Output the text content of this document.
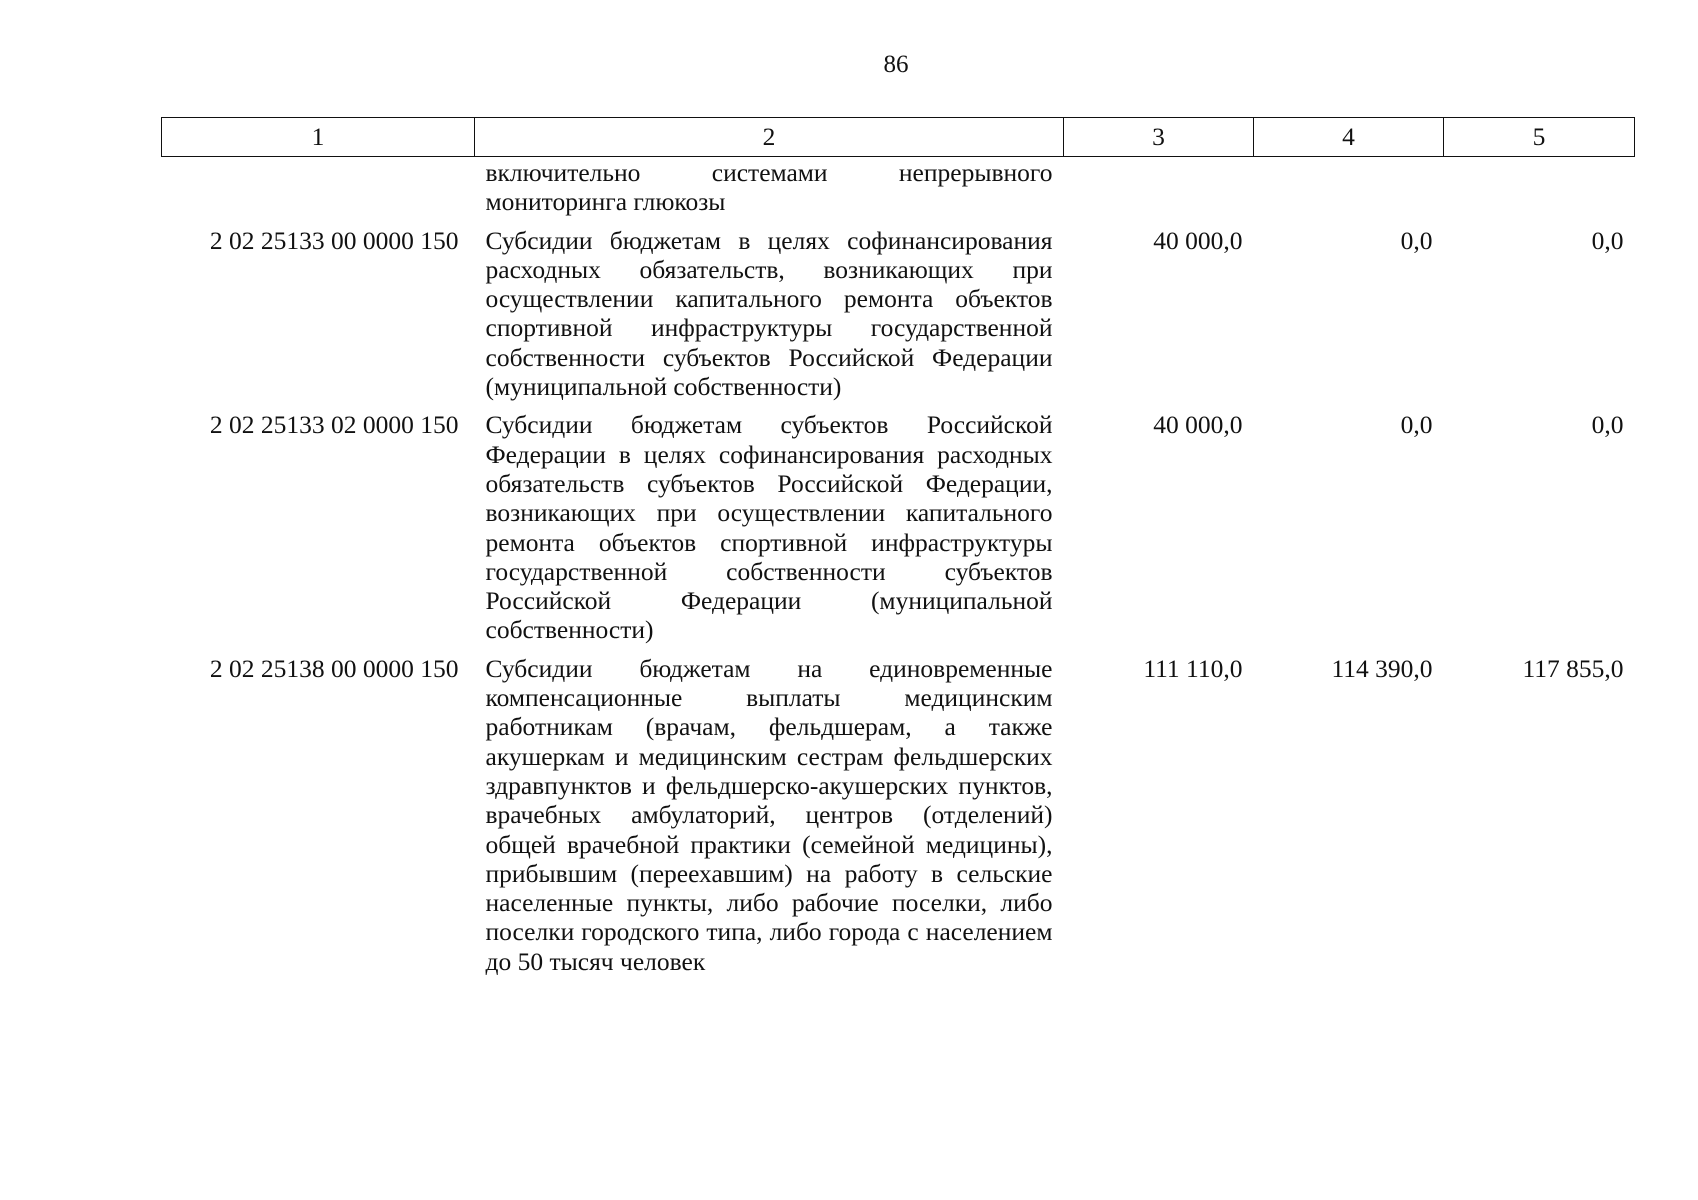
86
1	2	3	4	5
	включительно системами непрерывного мониторинга глюкозы			
2 02 25133 00 0000 150	Субсидии бюджетам в целях софинансирования расходных обязательств, возникающих при осуществлении капитального ремонта объектов спортивной инфраструктуры государственной собственности субъектов Российской Федерации (муниципальной собственности)	40 000,0	0,0	0,0
2 02 25133 02 0000 150	Субсидии бюджетам субъектов Российской Федерации в целях софинансирования расходных обязательств субъектов Российской Федерации, возникающих при осуществлении капитального ремонта объектов спортивной инфраструктуры государственной собственности субъектов Российской Федерации (муниципальной собственности)	40 000,0	0,0	0,0
2 02 25138 00 0000 150	Субсидии бюджетам на единовременные компенсационные выплаты медицинским работникам (врачам, фельдшерам, а также акушеркам и медицинским сестрам фельдшерских здравпунктов и фельдшерско-акушерских пунктов, врачебных амбулаторий, центров (отделений) общей врачебной практики (семейной медицины), прибывшим (переехавшим) на работу в сельские населенные пункты, либо рабочие поселки, либо поселки городского типа, либо города с населением до 50 тысяч человек	111 110,0	114 390,0	117 855,0
